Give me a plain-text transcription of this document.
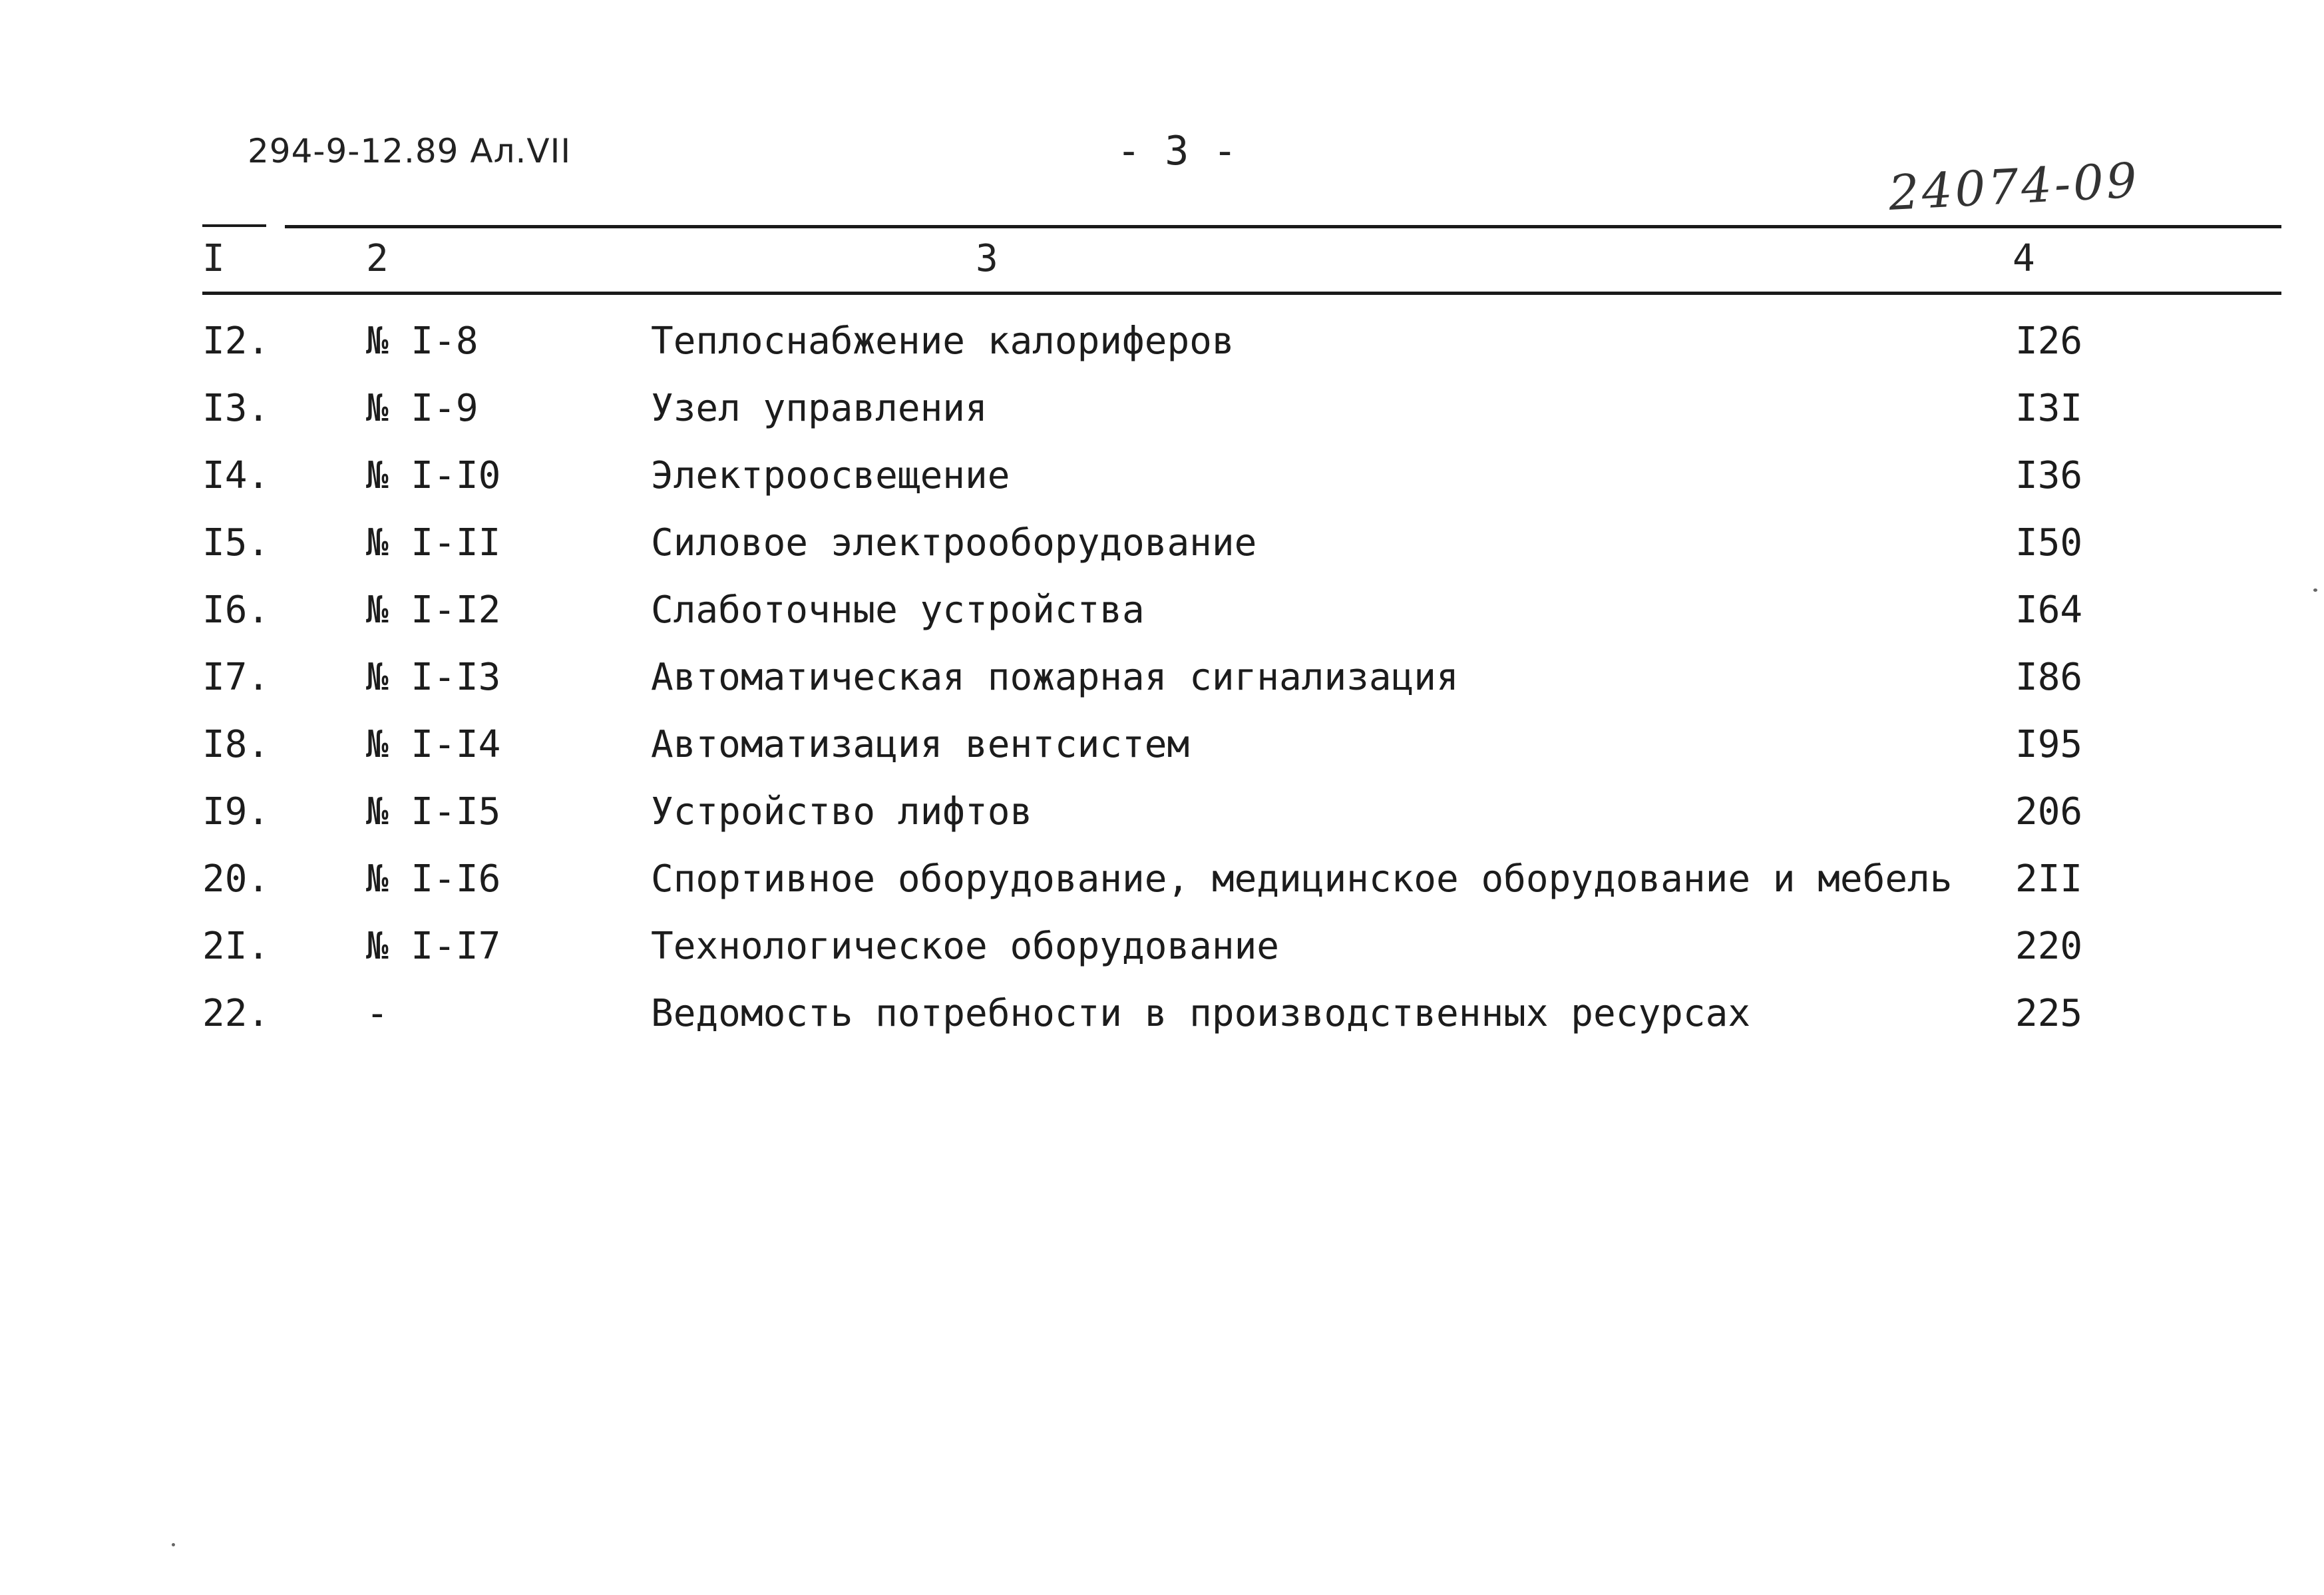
294-9-12.89 Ал.VII	- 3 -
24074-09
I	2	3	4
I2.	№ I-8	Теплоснабжение калориферов	I26
I3.	№ I-9	Узел управления	I3I
I4.	№ I-I0	Электроосвещение	I36
I5.	№ I-II	Силовое электрооборудование	I50
I6.	№ I-I2	Слаботочные устройства	I64
I7.	№ I-I3	Автоматическая пожарная сигнализация	I86
I8.	№ I-I4	Автоматизация вентсистем	I95
I9.	№ I-I5	Устройство лифтов	206
20.	№ I-I6	Спортивное оборудование, медицинское оборудование и мебель 2II
2I.	№ I-I7	Технологическое оборудование	220
22.	-	Ведомость потребности в производственных ресурсах	225
